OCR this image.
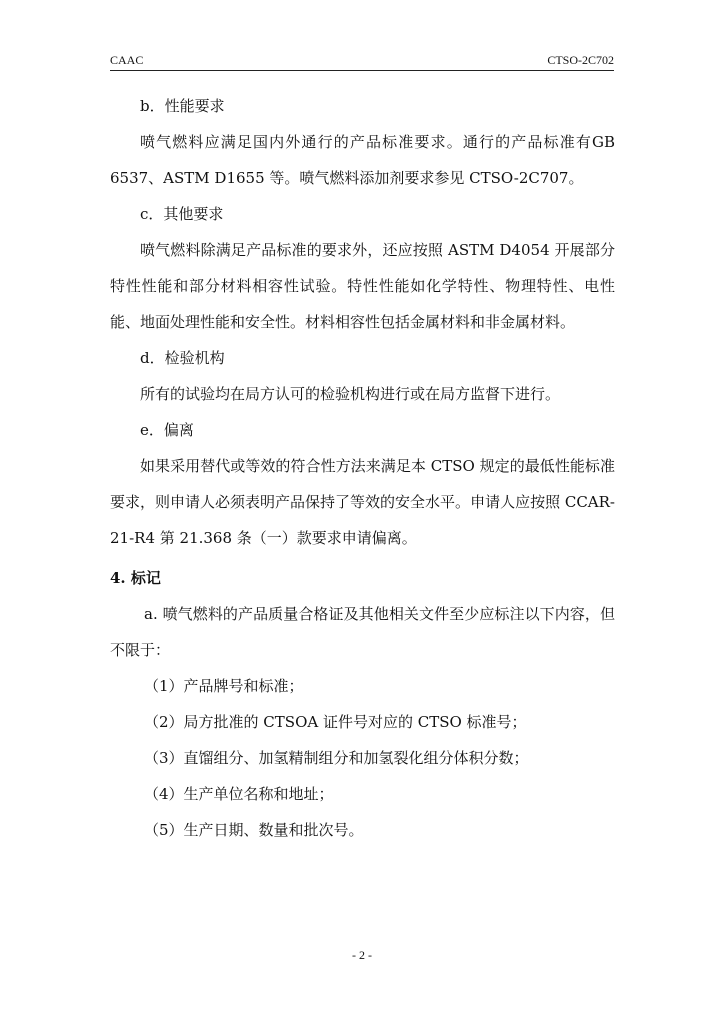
CAAC	CTSO-2C702

b．性能要求

喷气燃料应满足国内外通行的产品标准要求。通行的产品标准有GB 6537、ASTM D1655 等。喷气燃料添加剂要求参见 CTSO-2C707。

c．其他要求

喷气燃料除满足产品标准的要求外，还应按照 ASTM D4054 开展部分特性性能和部分材料相容性试验。特性性能如化学特性、物理特性、电性能、地面处理性能和安全性。材料相容性包括金属材料和非金属材料。

d．检验机构

所有的试验均在局方认可的检验机构进行或在局方监督下进行。

e．偏离

如果采用替代或等效的符合性方法来满足本 CTSO 规定的最低性能标准要求，则申请人必须表明产品保持了等效的安全水平。申请人应按照 CCAR-21-R4 第 21.368 条（一）款要求申请偏离。

4. 标记

a. 喷气燃料的产品质量合格证及其他相关文件至少应标注以下内容，但不限于：

（1）产品牌号和标准；

（2）局方批准的 CTSOA 证件号对应的 CTSO 标准号；

（3）直馏组分、加氢精制组分和加氢裂化组分体积分数；

（4）生产单位名称和地址；

（5）生产日期、数量和批次号。

- 2 -
